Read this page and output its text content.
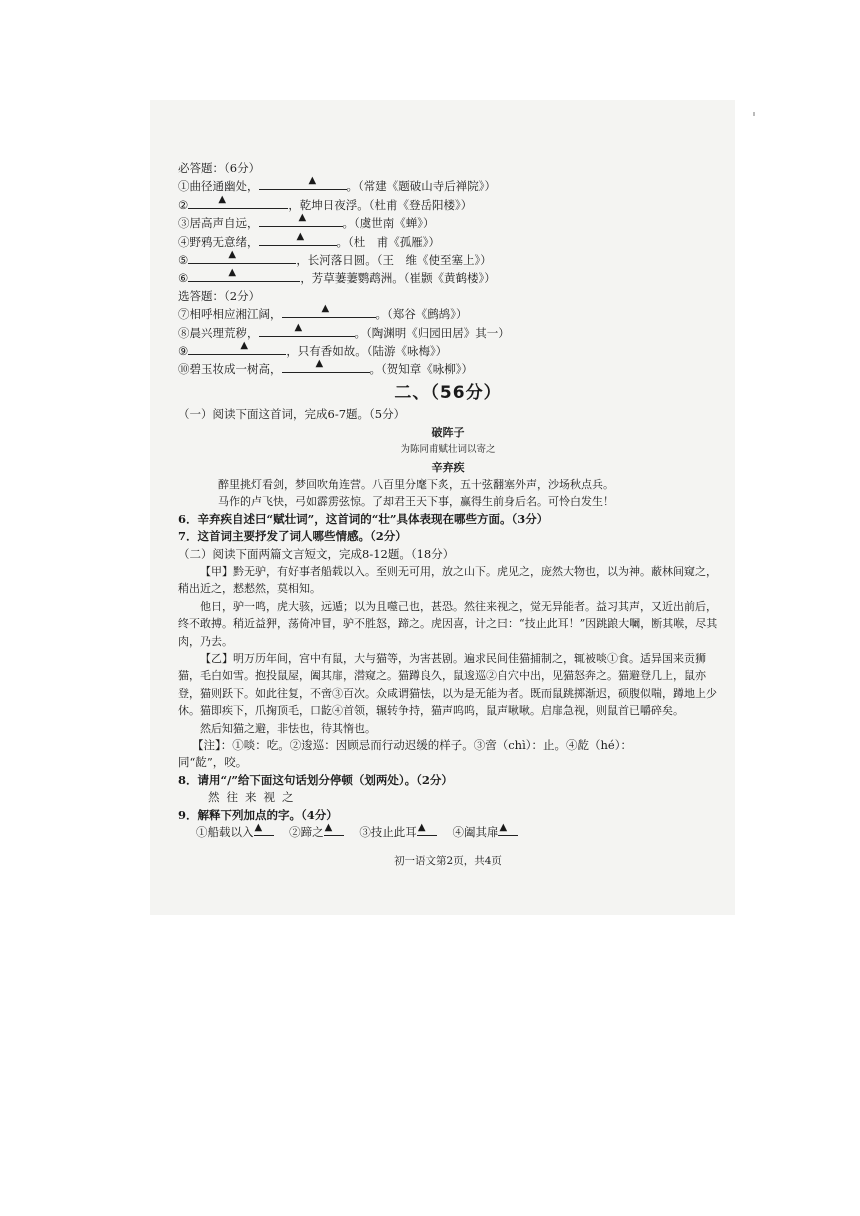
必答题：（6分）
①曲径通幽处，	▲	。（常建《题破山寺后禅院》）
②	▲	，乾坤日夜浮。（杜甫《登岳阳楼》）
③居高声自远，	▲	。（虞世南《蝉》）
④野鸦无意绪，	▲	。（杜　甫《孤雁》）
⑤	▲	，长河落日圆。（王　维《使至塞上》）
⑥	▲	，芳草萋萋鹦鹉洲。（崔颢《黄鹤楼》）
选答题：（2分）
⑦相呼相应湘江阔，	▲	。（郑谷《鹧鸪》）
⑧晨兴理荒秽，	▲	。（陶渊明《归园田居》其一）
⑨	▲	，只有香如故。（陆游《咏梅》）
⑩碧玉妆成一树高，	▲	。（贺知章《咏柳》）
二、（56分）
（一）阅读下面这首词，完成6-7题。（5分）
破阵子
为陈同甫赋壮词以寄之
辛弃疾
醉里挑灯看剑，梦回吹角连营。八百里分麾下炙，五十弦翻塞外声，沙场秋点兵。
马作的卢飞快，弓如霹雳弦惊。了却君王天下事，赢得生前身后名。可怜白发生！
6．辛弃疾自述曰“赋壮词”，这首词的“壮”具体表现在哪些方面。（3分）
7．这首词主要抒发了词人哪些情感。（2分）
（二）阅读下面两篇文言短文，完成8-12题。（18分）

【甲】黔无驴，有好事者船载以入。至则无可用，放之山下。虎见之，庞然大物也，以为神。蔽林间窥之，稍出近之，慭慭然，莫相知。

他日，驴一鸣，虎大骇，远遁；以为且噬己也，甚恐。然往来视之，觉无异能者。益习其声，又近出前后，终不敢搏。稍近益狎，荡倚冲冒，驴不胜怒，蹄之。虎因喜，计之曰：“技止此耳！”因跳踉大㘎，断其喉，尽其肉，乃去。

【乙】明万历年间，宫中有鼠，大与猫等，为害甚剧。遍求民间佳猫捕制之，辄被啖①食。适异国来贡狮猫，毛白如雪。抱投鼠屋，阖其扉，潜窥之。猫蹲良久，鼠逡巡②自穴中出，见猫怒奔之。猫避登几上，鼠亦登，猫则跃下。如此往复，不啻③百次。众咸谓猫怯，以为是无能为者。既而鼠跳掷渐迟，硕腹似喘，蹲地上少休。猫即疾下，爪掬顶毛，口龁④首领，辗转争持，猫声呜呜，鼠声啾啾。启扉急视，则鼠首已嚼碎矣。

然后知猫之避，非怯也，待其惰也。

【注】：①啖：吃。②逡巡：因顾忌而行动迟缓的样子。③啻（chì）：止。④龁（hé）：
同“龁”，咬。
8．请用“/”给下面这句话划分停顿（划两处）。（2分）
然往来视之
9．解释下列加点的字。（4分）
①船载以入 ▲ ②蹄之 ▲ ③技止此耳 ▲ ④阖其扉 ▲
初一语文第2页，共4页
